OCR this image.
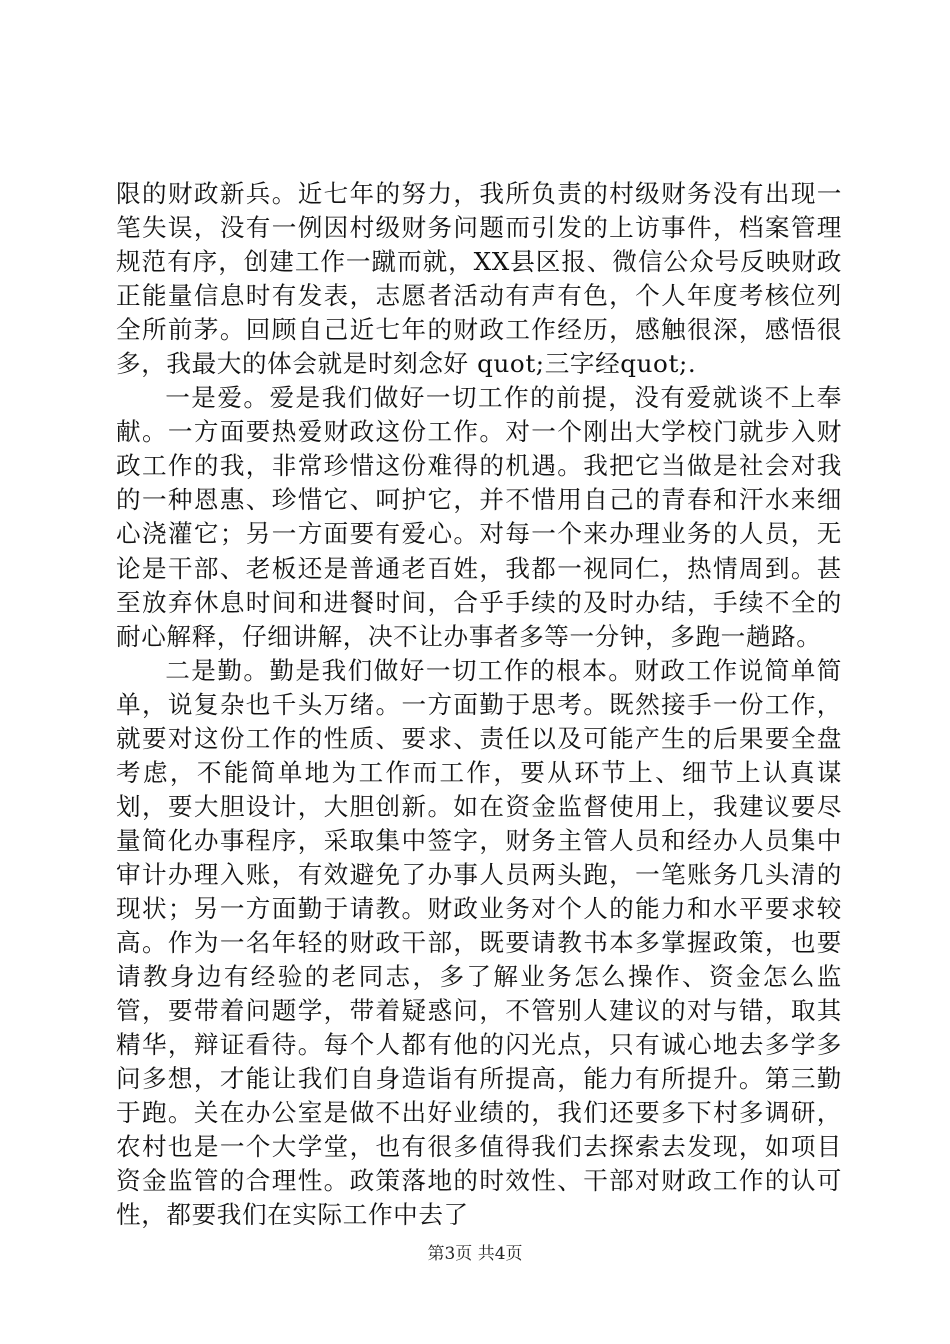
限的财政新兵。近七年的努力，我所负责的村级财务没有出现一笔失误，没有一例因村级财务问题而引发的上访事件，档案管理规范有序，创建工作一蹴而就，XX县区报、微信公众号反映财政正能量信息时有发表，志愿者活动有声有色，个人年度考核位列全所前茅。回顾自己近七年的财政工作经历，感触很深，感悟很多，我最大的体会就是时刻念好 quot;三字经quot;.

一是爱。爱是我们做好一切工作的前提，没有爱就谈不上奉献。一方面要热爱财政这份工作。对一个刚出大学校门就步入财政工作的我，非常珍惜这份难得的机遇。我把它当做是社会对我的一种恩惠、珍惜它、呵护它，并不惜用自己的青春和汗水来细心浇灌它；另一方面要有爱心。对每一个来办理业务的人员，无论是干部、老板还是普通老百姓，我都一视同仁，热情周到。甚至放弃休息时间和进餐时间，合乎手续的及时办结，手续不全的耐心解释，仔细讲解，决不让办事者多等一分钟，多跑一趟路。

二是勤。勤是我们做好一切工作的根本。财政工作说简单简单，说复杂也千头万绪。一方面勤于思考。既然接手一份工作，就要对这份工作的性质、要求、责任以及可能产生的后果要全盘考虑，不能简单地为工作而工作，要从环节上、细节上认真谋划，要大胆设计，大胆创新。如在资金监督使用上，我建议要尽量简化办事程序，采取集中签字，财务主管人员和经办人员集中审计办理入账，有效避免了办事人员两头跑，一笔账务几头清的现状；另一方面勤于请教。财政业务对个人的能力和水平要求较高。作为一名年轻的财政干部，既要请教书本多掌握政策，也要请教身边有经验的老同志，多了解业务怎么操作、资金怎么监管，要带着问题学，带着疑惑问，不管别人建议的对与错，取其精华，辩证看待。每个人都有他的闪光点，只有诚心地去多学多问多想，才能让我们自身造诣有所提高，能力有所提升。第三勤于跑。关在办公室是做不出好业绩的，我们还要多下村多调研，农村也是一个大学堂，也有很多值得我们去探索去发现，如项目资金监管的合理性。政策落地的时效性、干部对财政工作的认可性，都要我们在实际工作中去了

第3页 共4页
